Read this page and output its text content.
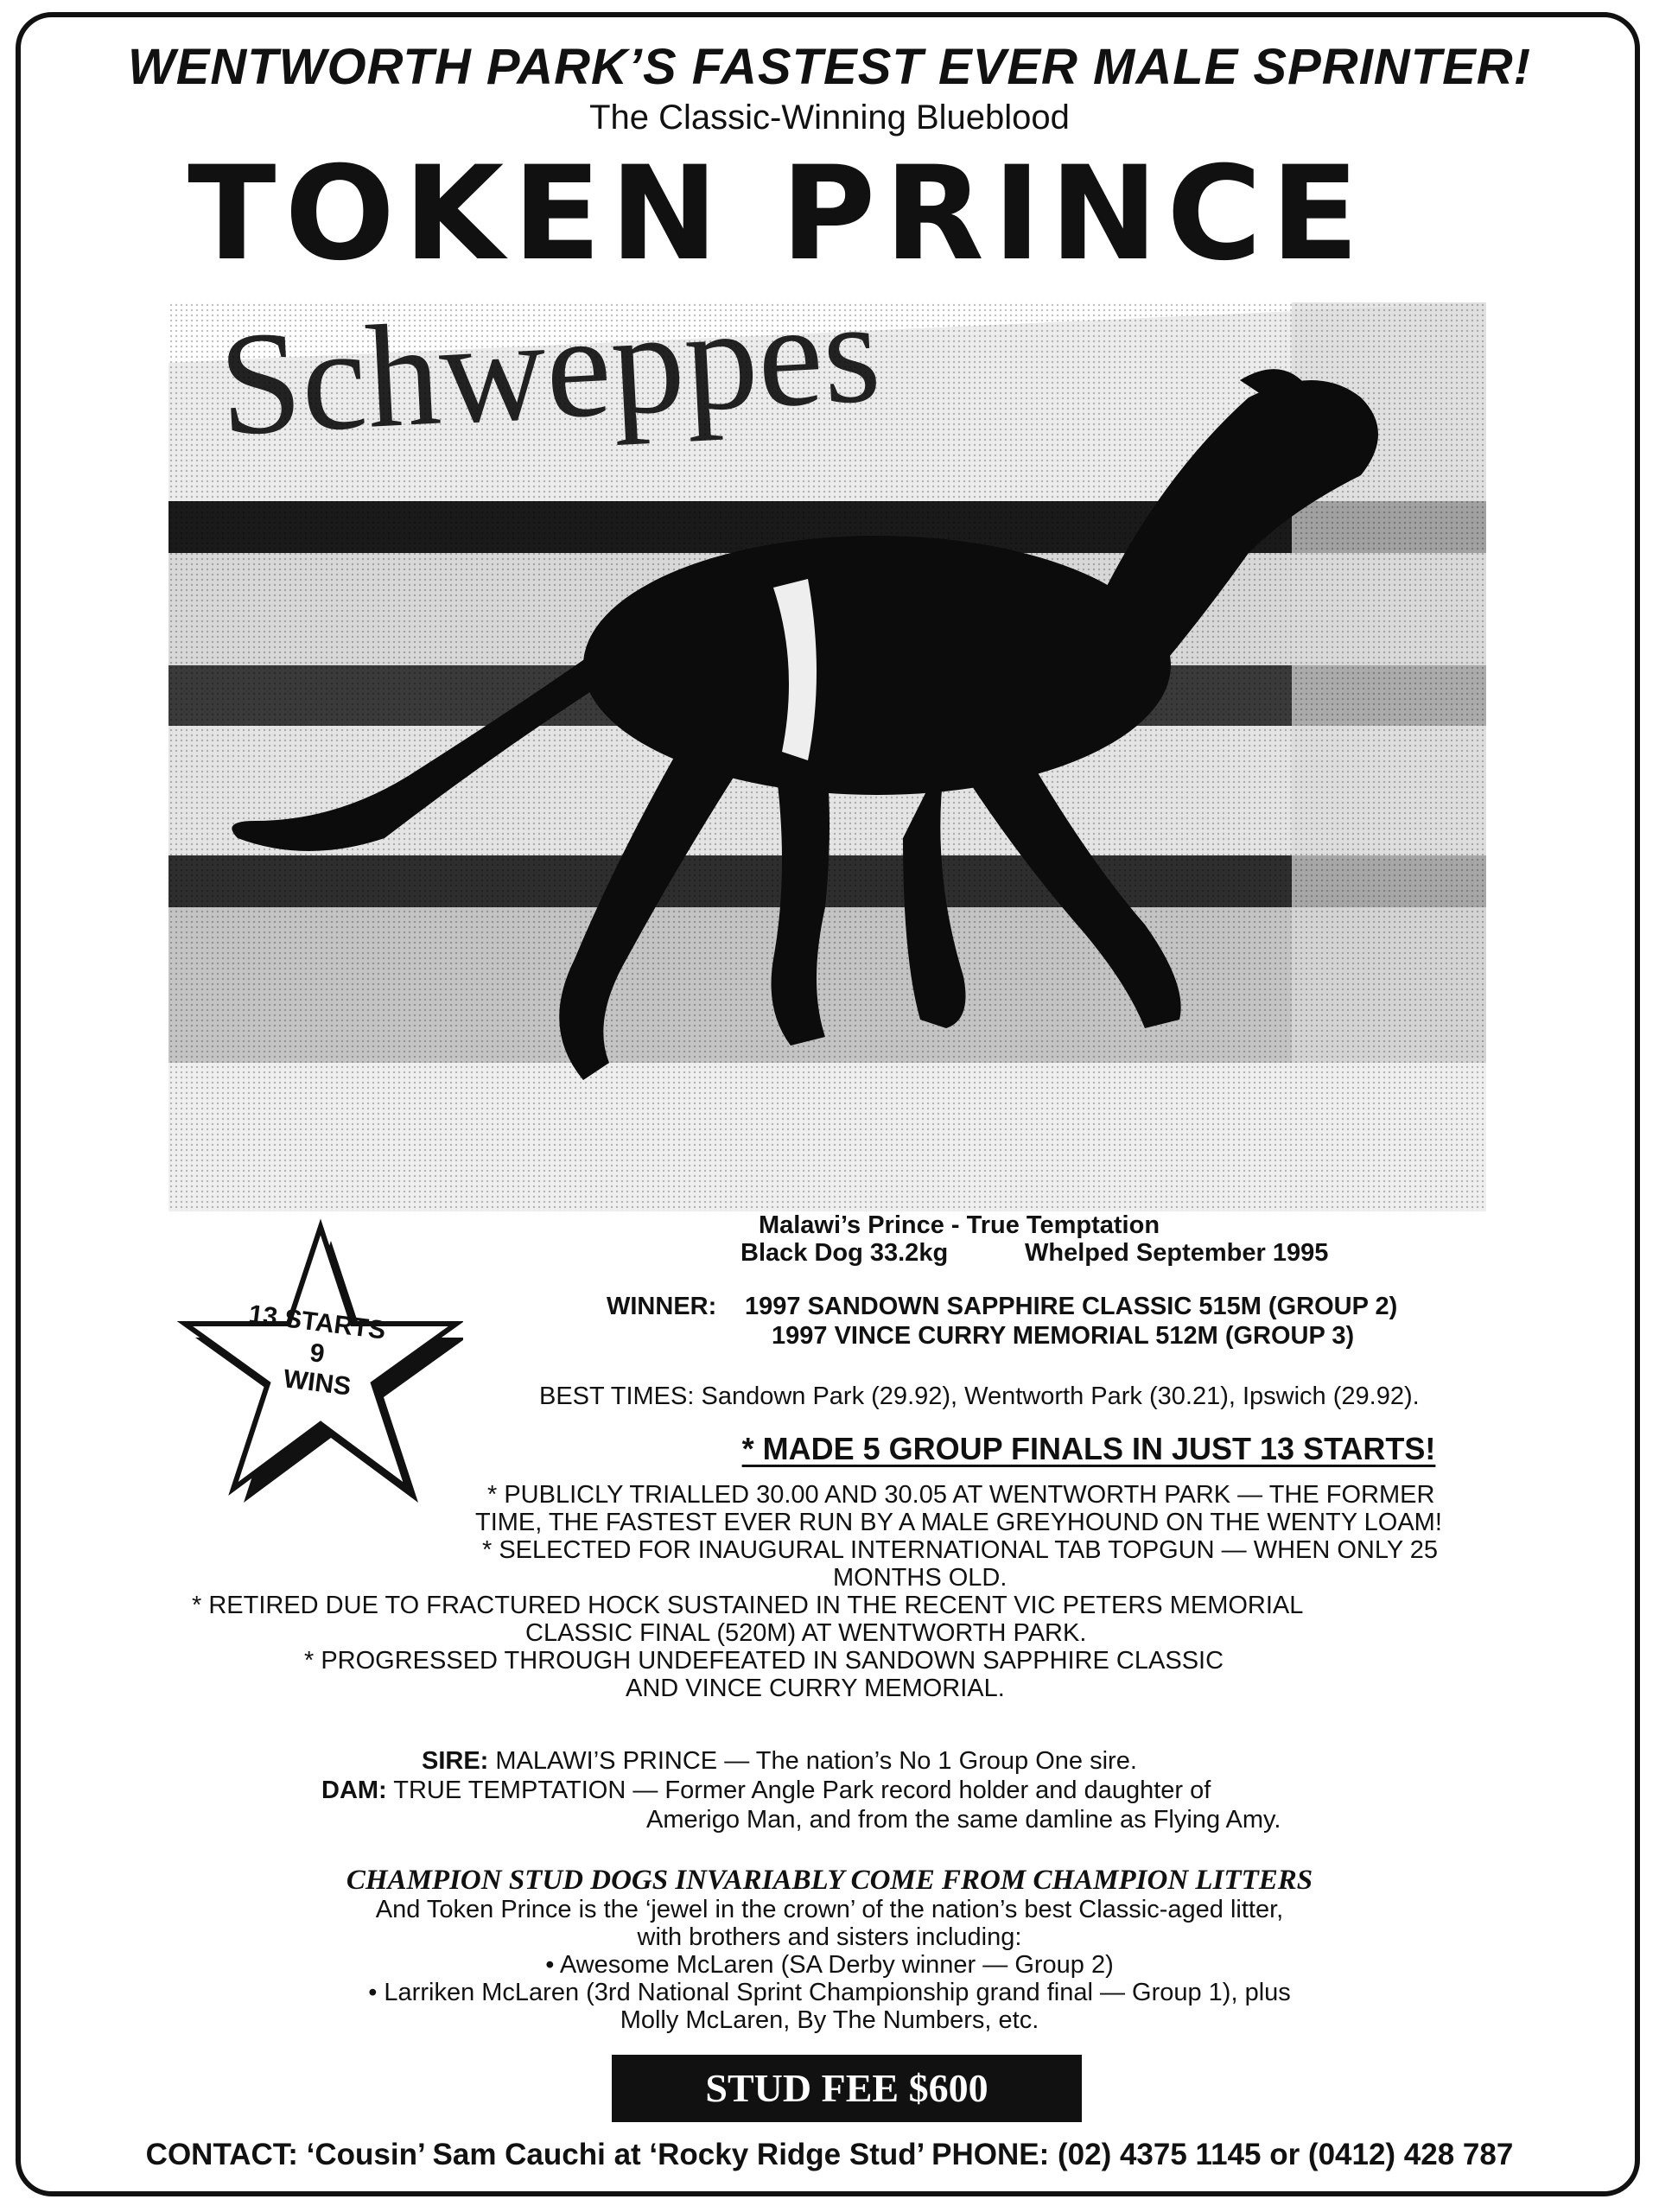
WENTWORTH PARK’S FASTEST EVER MALE SPRINTER!
The Classic-Winning Blueblood
TOKEN PRINCE
13 STARTS
9
WINS
Malawi’s Prince - True Temptation
Black Dog 33.2kg	Whelped September 1995
WINNER: 1997 SANDOWN SAPPHIRE CLASSIC 515M (GROUP 2)
1997 VINCE CURRY MEMORIAL 512M (GROUP 3)
BEST TIMES: Sandown Park (29.92), Wentworth Park (30.21), Ipswich (29.92).
* MADE 5 GROUP FINALS IN JUST 13 STARTS!
* PUBLICLY TRIALLED 30.00 AND 30.05 AT WENTWORTH PARK — THE FORMER
TIME, THE FASTEST EVER RUN BY A MALE GREYHOUND ON THE WENTY LOAM!
* SELECTED FOR INAUGURAL INTERNATIONAL TAB TOPGUN — WHEN ONLY 25
MONTHS OLD.
* RETIRED DUE TO FRACTURED HOCK SUSTAINED IN THE RECENT VIC PETERS MEMORIAL
CLASSIC FINAL (520M) AT WENTWORTH PARK.
* PROGRESSED THROUGH UNDEFEATED IN SANDOWN SAPPHIRE CLASSIC
AND VINCE CURRY MEMORIAL.
SIRE: MALAWI’S PRINCE — The nation’s No 1 Group One sire.
DAM: TRUE TEMPTATION — Former Angle Park record holder and daughter of
Amerigo Man, and from the same damline as Flying Amy.
CHAMPION STUD DOGS INVARIABLY COME FROM CHAMPION LITTERS
And Token Prince is the ‘jewel in the crown’ of the nation’s best Classic-aged litter,
with brothers and sisters including:
• Awesome McLaren (SA Derby winner — Group 2)
• Larriken McLaren (3rd National Sprint Championship grand final — Group 1), plus
Molly McLaren, By The Numbers, etc.
STUD FEE $600
CONTACT: ‘Cousin’ Sam Cauchi at ‘Rocky Ridge Stud’ PHONE: (02) 4375 1145 or (0412) 428 787
